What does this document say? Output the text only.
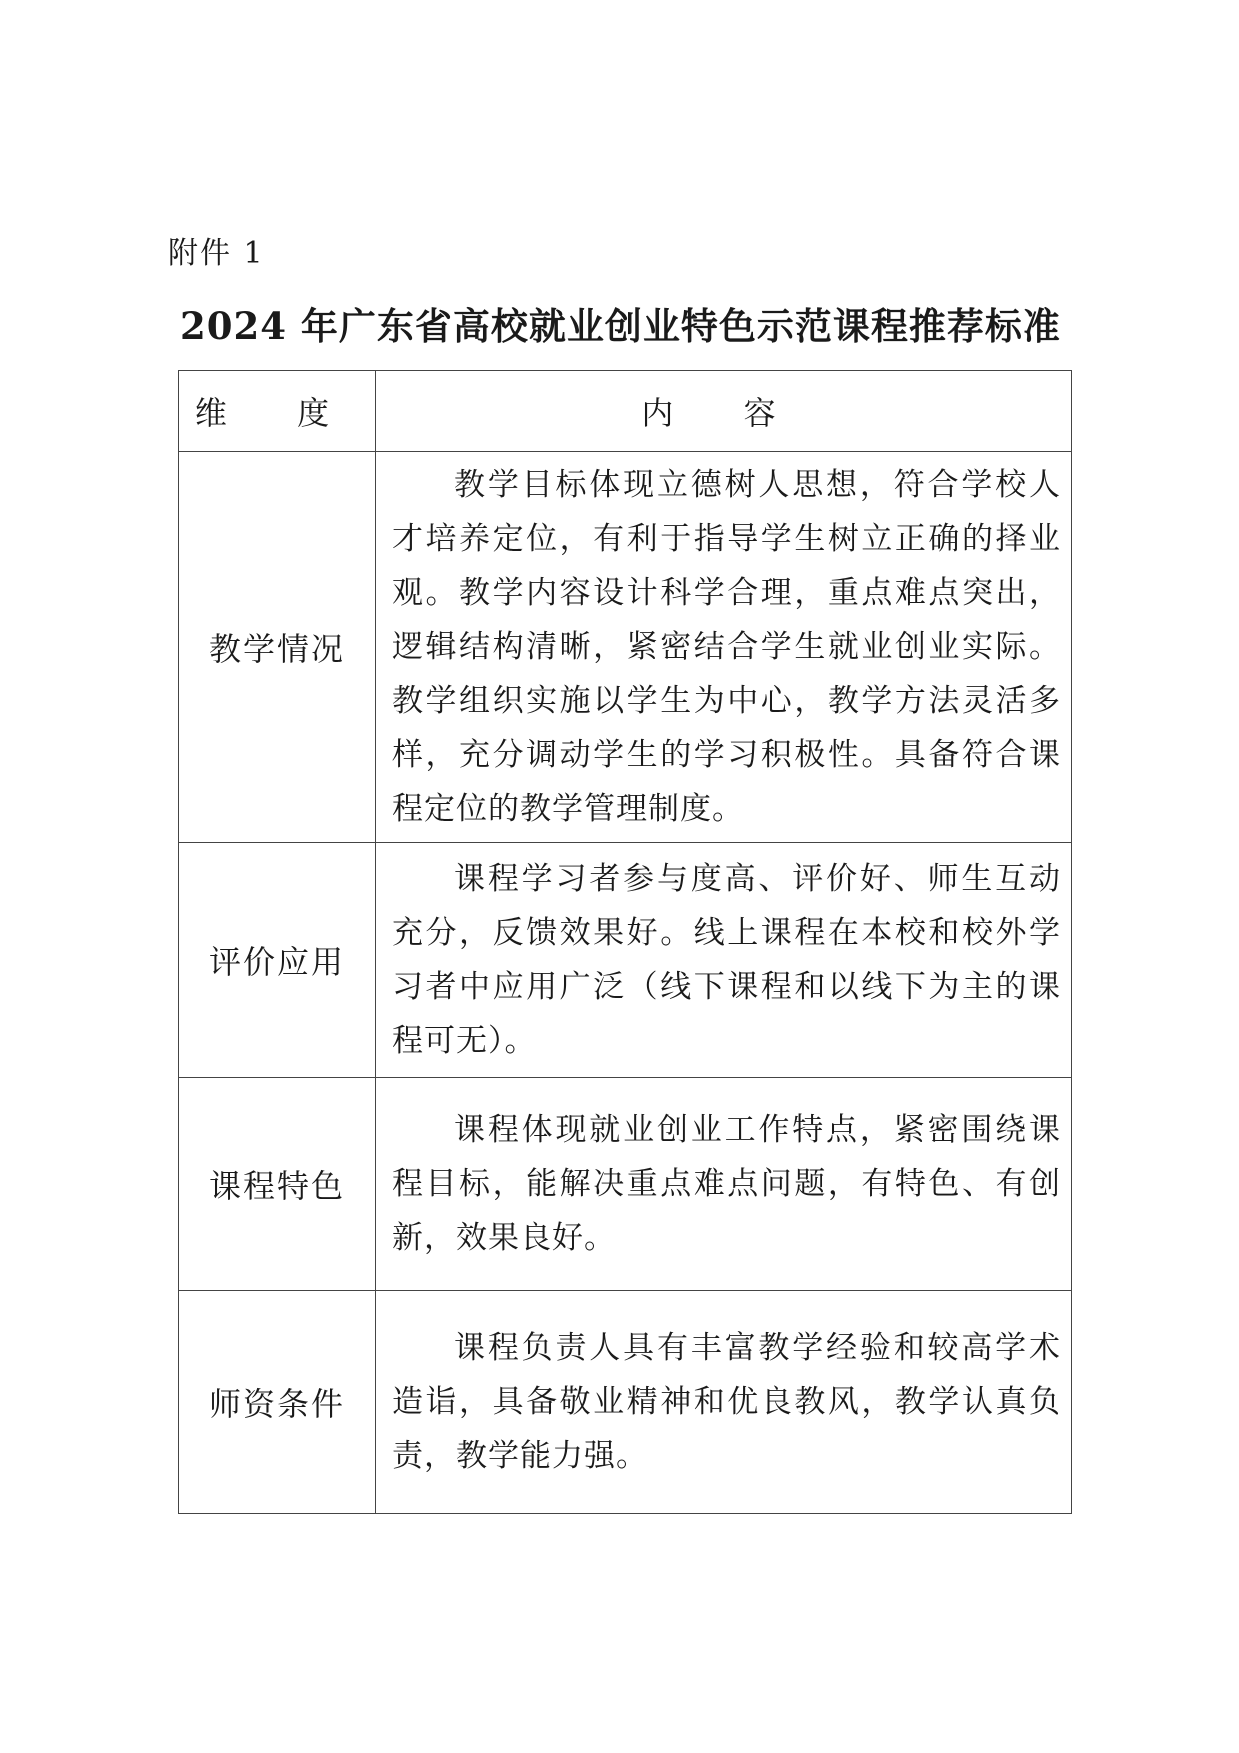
附件 1
2024 年广东省高校就业创业特色示范课程推荐标准
维 度	内 容
教学情况	教学目标体现立德树人思想，符合学校人才培养定位，有利于指导学生树立正确的择业观。教学内容设计科学合理，重点难点突出，逻辑结构清晰，紧密结合学生就业创业实际。教学组织实施以学生为中心，教学方法灵活多样，充分调动学生的学习积极性。具备符合课程定位的教学管理制度。
评价应用	课程学习者参与度高、评价好、师生互动充分，反馈效果好。线上课程在本校和校外学习者中应用广泛（线下课程和以线下为主的课程可无）。
课程特色	课程体现就业创业工作特点，紧密围绕课程目标，能解决重点难点问题，有特色、有创新，效果良好。
师资条件	课程负责人具有丰富教学经验和较高学术造诣，具备敬业精神和优良教风，教学认真负责，教学能力强。
